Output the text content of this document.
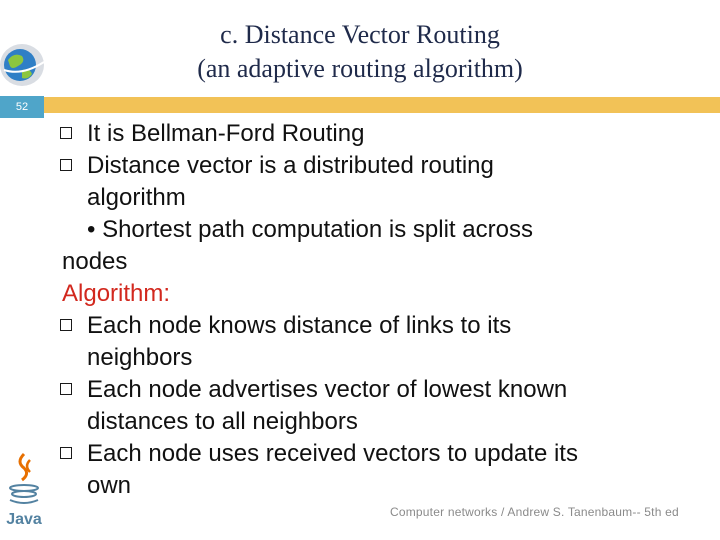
c. Distance Vector Routing
(an adaptive routing algorithm)
52
It is Bellman-Ford Routing
Distance vector is a distributed routing
algorithm
• Shortest path computation is split across
nodes
Algorithm:
Each node knows distance of links to its
neighbors
Each node advertises vector of lowest known
distances to all neighbors
Each node uses received vectors to update its
own
Computer networks / Andrew S. Tanenbaum-- 5th ed
Java
